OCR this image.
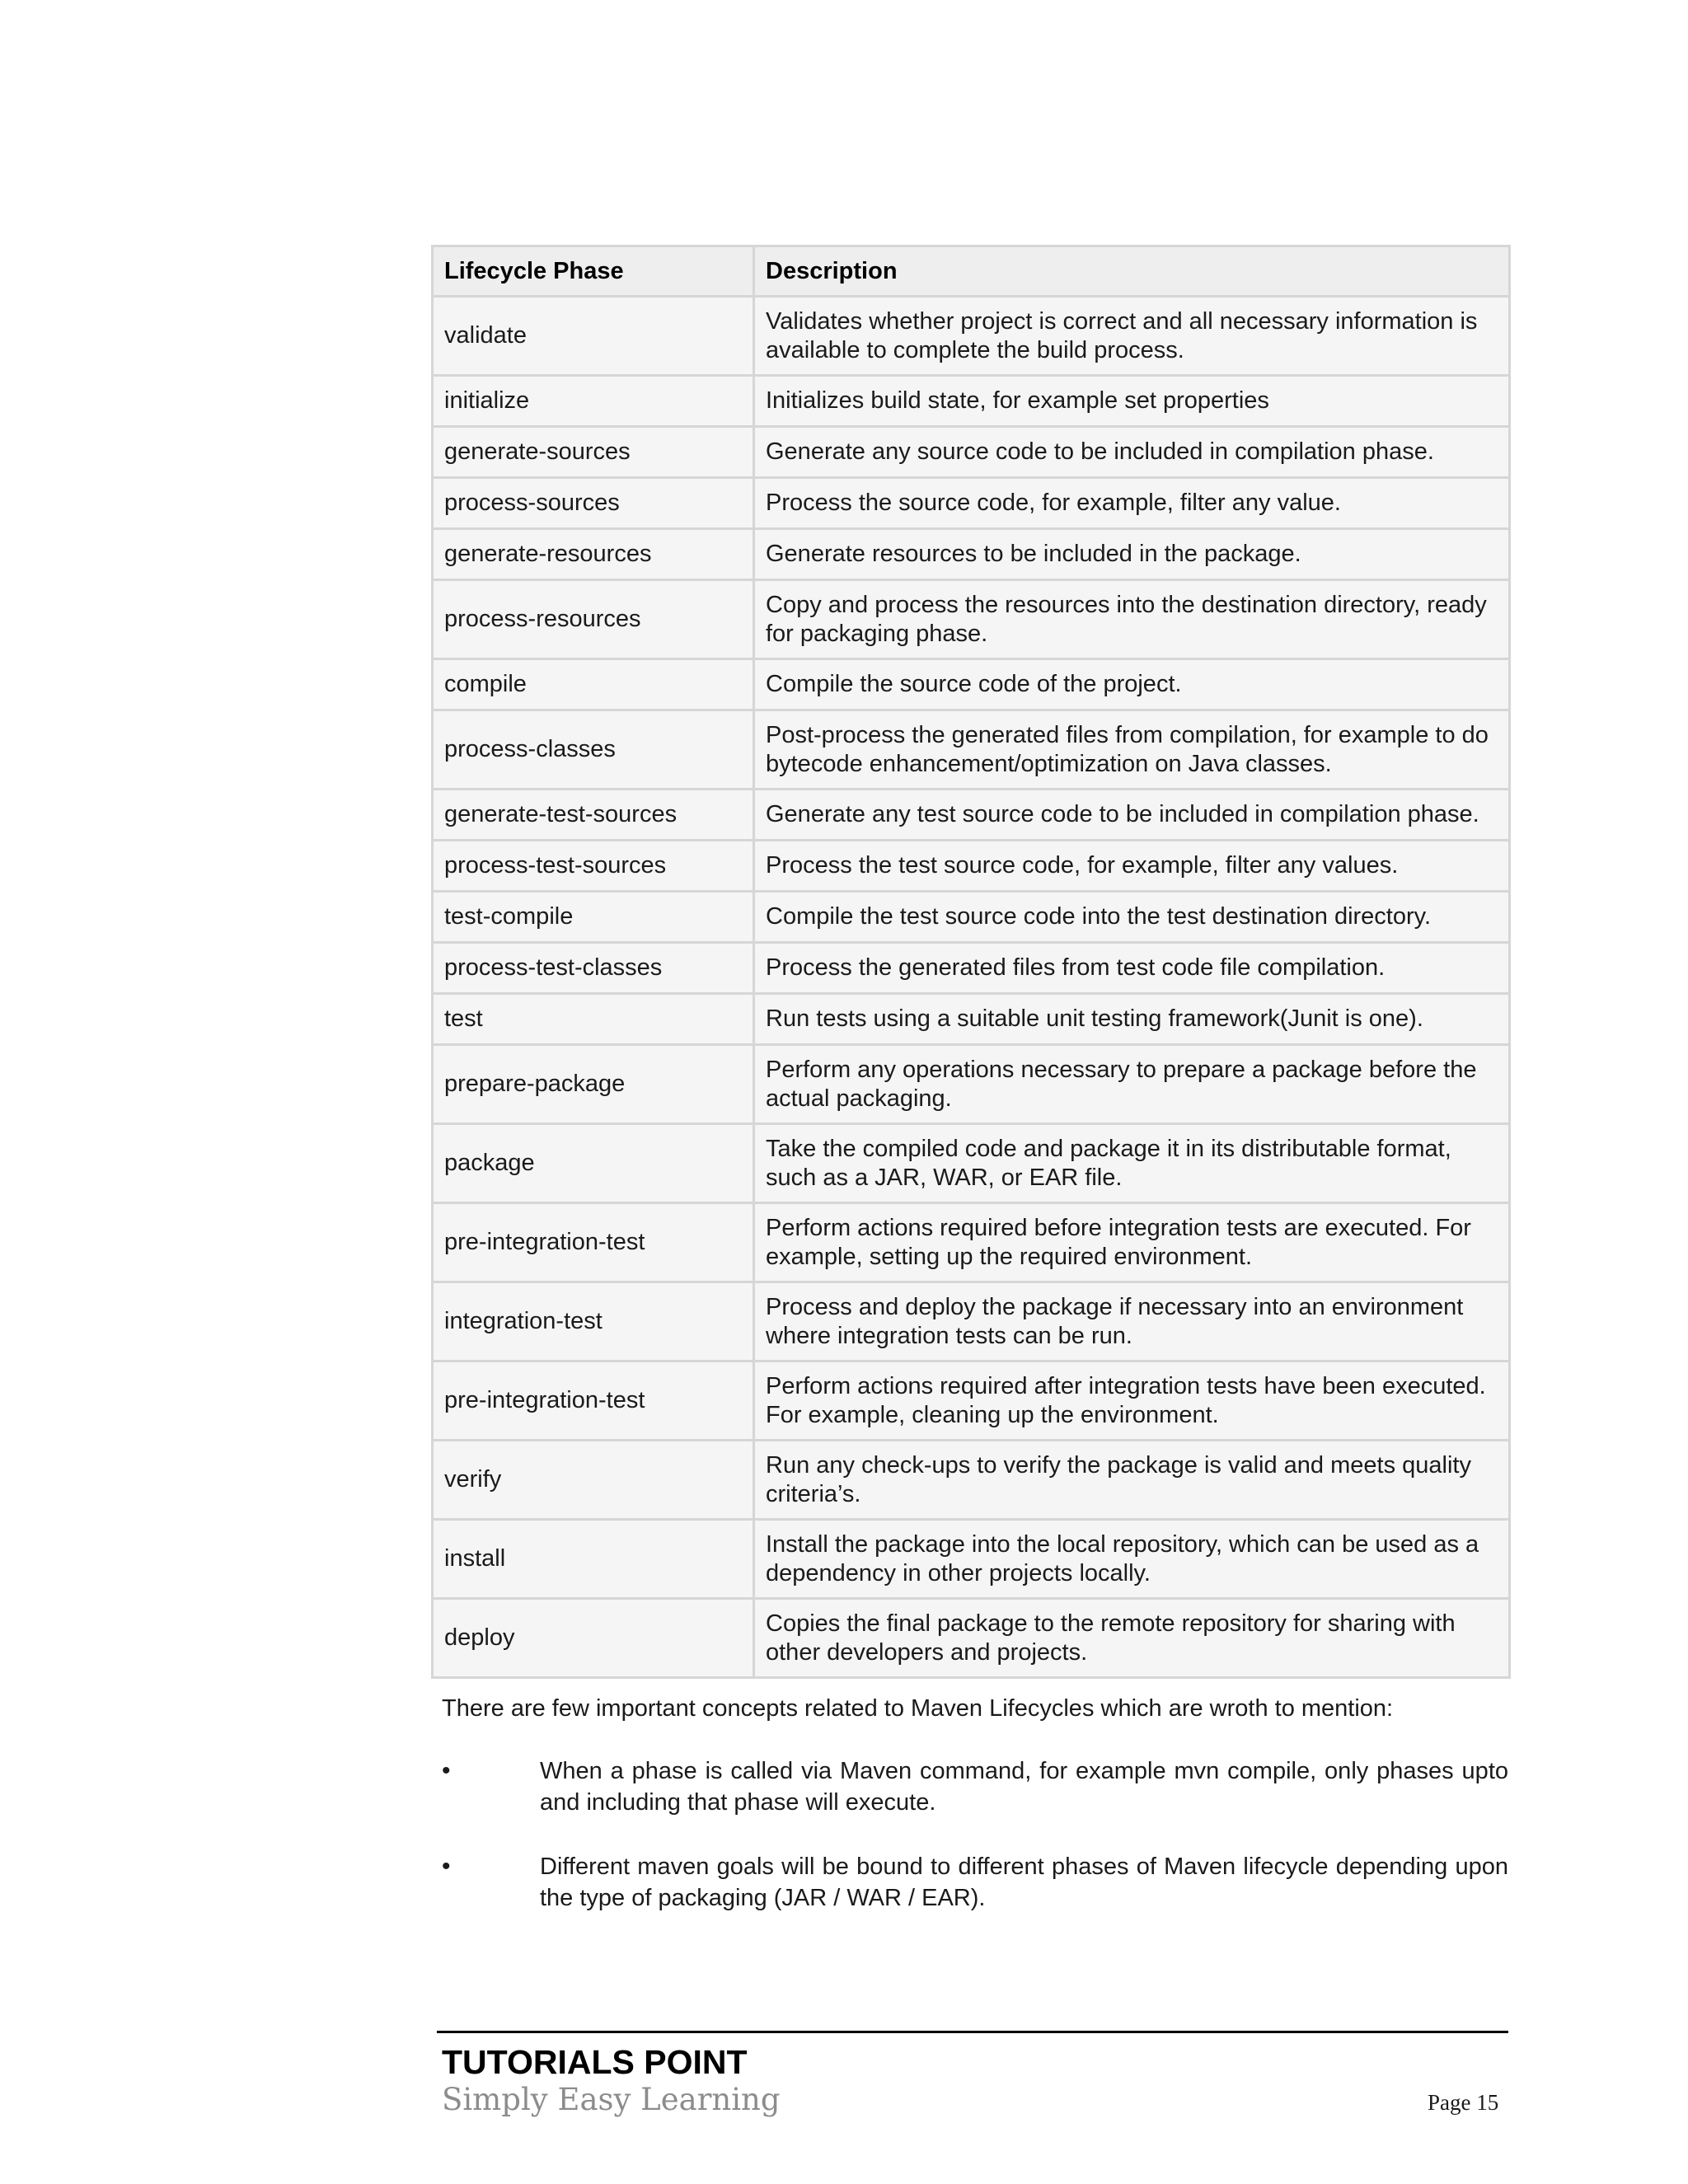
Lifecycle Phase	Description
validate	Validates whether project is correct and all necessary information is available to complete the build process.
initialize	Initializes build state, for example set properties
generate-sources	Generate any source code to be included in compilation phase.
process-sources	Process the source code, for example, filter any value.
generate-resources	Generate resources to be included in the package.
process-resources	Copy and process the resources into the destination directory, ready for packaging phase.
compile	Compile the source code of the project.
process-classes	Post-process the generated files from compilation, for example to do bytecode enhancement/optimization on Java classes.
generate-test-sources	Generate any test source code to be included in compilation phase.
process-test-sources	Process the test source code, for example, filter any values.
test-compile	Compile the test source code into the test destination directory.
process-test-classes	Process the generated files from test code file compilation.
test	Run tests using a suitable unit testing framework(Junit is one).
prepare-package	Perform any operations necessary to prepare a package before the actual packaging.
package	Take the compiled code and package it in its distributable format, such as a JAR, WAR, or EAR file.
pre-integration-test	Perform actions required before integration tests are executed. For example, setting up the required environment.
integration-test	Process and deploy the package if necessary into an environment where integration tests can be run.
pre-integration-test	Perform actions required after integration tests have been executed. For example, cleaning up the environment.
verify	Run any check-ups to verify the package is valid and meets quality criteria’s.
install	Install the package into the local repository, which can be used as a dependency in other projects locally.
deploy	Copies the final package to the remote repository for sharing with other developers and projects.

There are few important concepts related to Maven Lifecycles which are wroth to mention:

•	When a phase is called via Maven command, for example mvn compile, only phases upto and including that phase will execute.
•	Different maven goals will be bound to different phases of Maven lifecycle depending upon the type of packaging (JAR / WAR / EAR).
TUTORIALS POINT
Simply Easy Learning	Page 15
